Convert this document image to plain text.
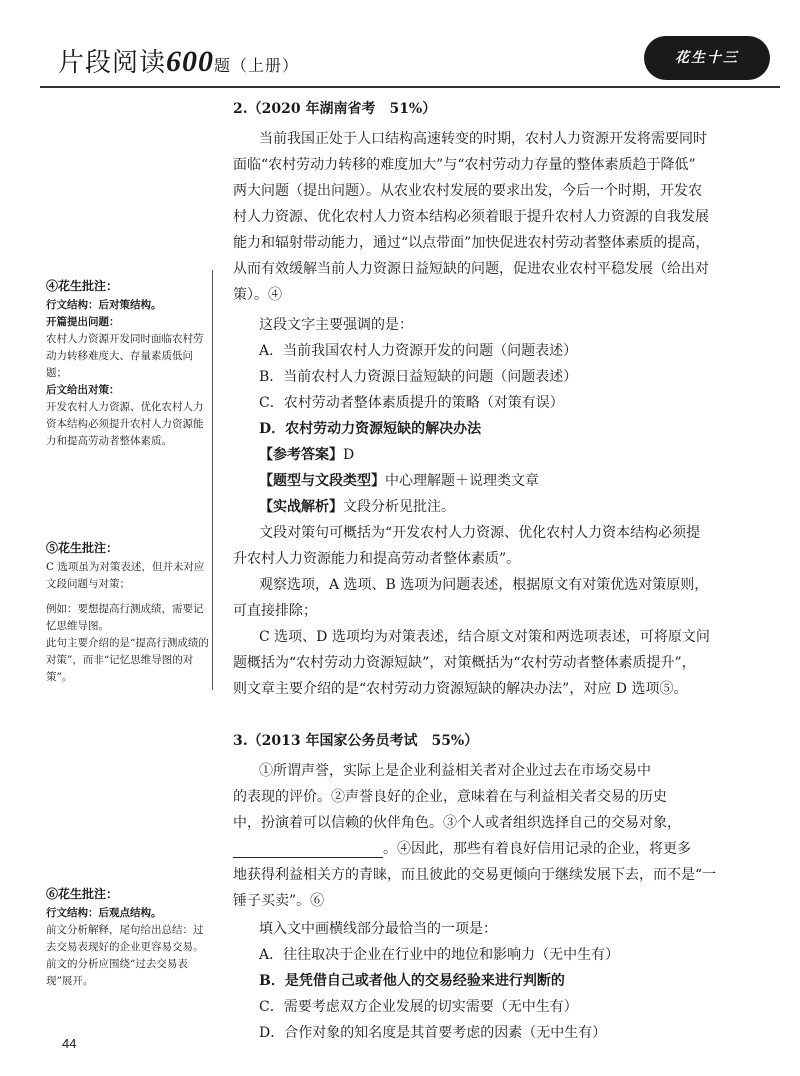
片段阅读600题（上册）	花生十三
2.（2020 年湖南省考　51%）
当前我国正处于人口结构高速转变的时期，农村人力资源开发将需要同时
面临“农村劳动力转移的难度加大”与“农村劳动力存量的整体素质趋于降低”
两大问题（提出问题）。从农业农村发展的要求出发，今后一个时期，开发农
村人力资源、优化农村人力资本结构必须着眼于提升农村人力资源的自我发展
能力和辐射带动能力，通过“以点带面”加快促进农村劳动者整体素质的提高，
从而有效缓解当前人力资源日益短缺的问题，促进农业农村平稳发展（给出对
策）。④
这段文字主要强调的是：
A．当前我国农村人力资源开发的问题（问题表述）
B．当前农村人力资源日益短缺的问题（问题表述）
C．农村劳动者整体素质提升的策略（对策有误）
D．农村劳动力资源短缺的解决办法
【参考答案】D
【题型与文段类型】中心理解题＋说理类文章
【实战解析】文段分析见批注。
文段对策句可概括为“开发农村人力资源、优化农村人力资本结构必须提
升农村人力资源能力和提高劳动者整体素质”。
观察选项，A 选项、B 选项为问题表述，根据原文有对策优选对策原则，
可直接排除；
C 选项、D 选项均为对策表述，结合原文对策和两选项表述，可将原文问
题概括为“农村劳动力资源短缺”，对策概括为“农村劳动者整体素质提升”，
则文章主要介绍的是“农村劳动力资源短缺的解决办法”，对应 D 选项⑤。
3.（2013 年国家公务员考试　55%）
①所谓声誉，实际上是企业利益相关者对企业过去在市场交易中
的表现的评价。②声誉良好的企业，意味着在与利益相关者交易的历史
中，扮演着可以信赖的伙伴角色。③个人或者组织选择自己的交易对象，
。④因此，那些有着良好信用记录的企业，将更多
地获得利益相关方的青睐，而且彼此的交易更倾向于继续发展下去，而不是“一
锤子买卖”。⑥
填入文中画横线部分最恰当的一项是：
A．往往取决于企业在行业中的地位和影响力（无中生有）
B．是凭借自己或者他人的交易经验来进行判断的
C．需要考虑双方企业发展的切实需要（无中生有）
D．合作对象的知名度是其首要考虑的因素（无中生有）
④花生批注：
行文结构：后对策结构。
开篇提出问题：
农村人力资源开发同时面临农村劳动力转移难度大、存量素质低问题；
后文给出对策：
开发农村人力资源、优化农村人力资本结构必须提升农村人力资源能力和提高劳动者整体素质。
⑤花生批注：
C 选项虽为对策表述，但并未对应文段问题与对策；
例如：要想提高行测成绩，需要记忆思维导图。
此句主要介绍的是“提高行测成绩的对策”，而非“记忆思维导图的对策”。
⑥花生批注：
行文结构：后观点结构。
前文分析解释，尾句给出总结：过去交易表现好的企业更容易交易。
前文的分析应围绕“过去交易表现”展开。
44
